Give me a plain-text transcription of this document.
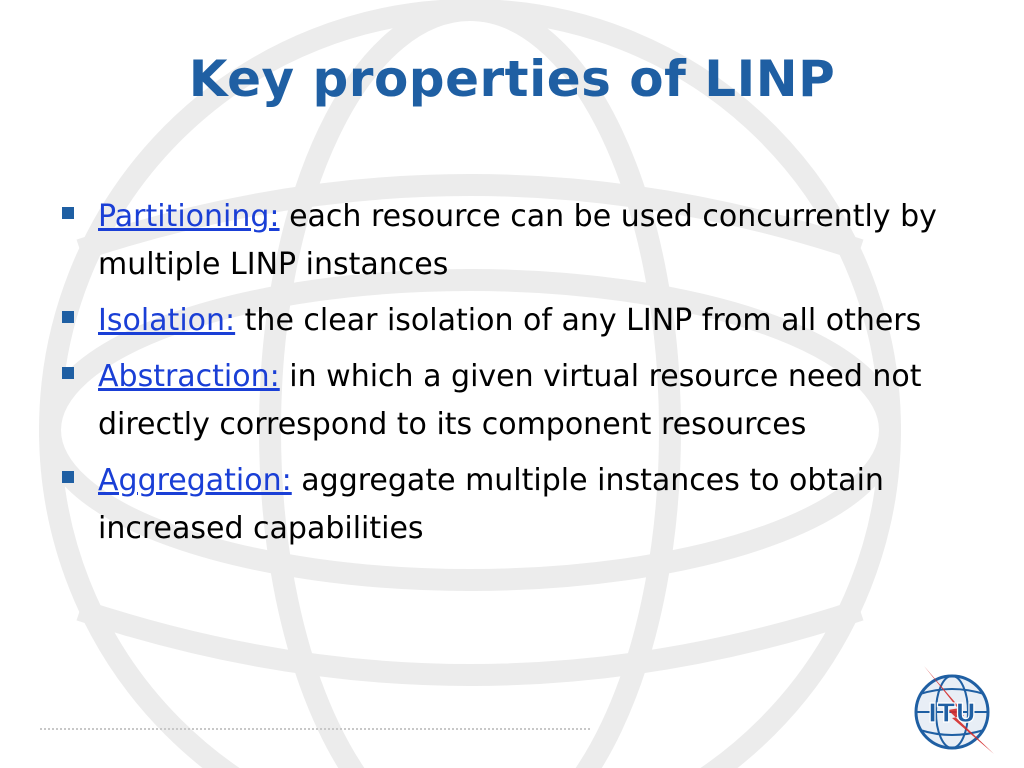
Key properties of LINP
Partitioning: each resource can be used concurrently by multiple LINP instances
Isolation: the clear isolation of any LINP from all others
Abstraction: in which a given virtual resource need not directly correspond to its component resources
Aggregation: aggregate multiple instances to obtain increased capabilities
ITU
